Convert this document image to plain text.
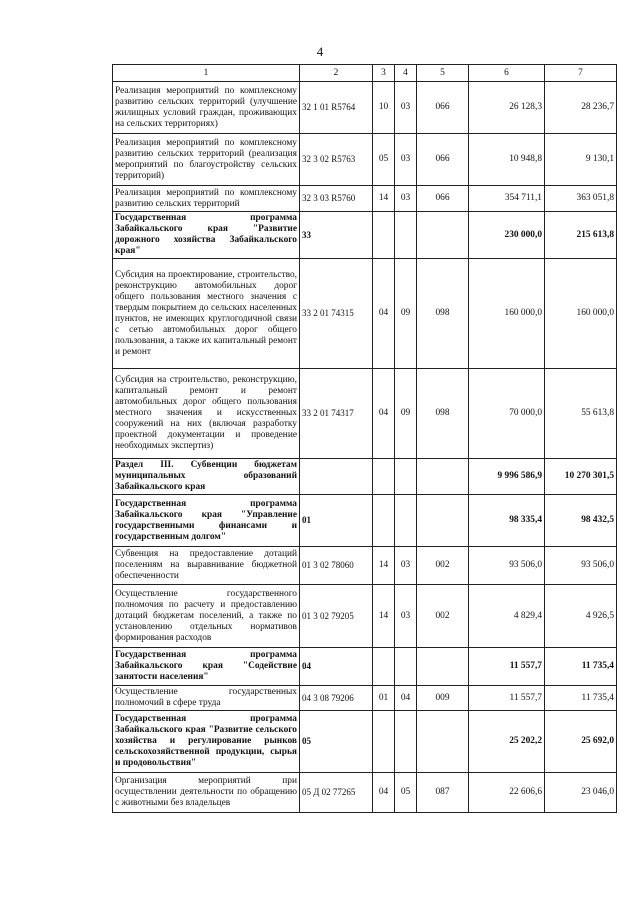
4
1	2	3	4	5	6	7
Реализация мероприятий по комплексному развитию сельских территорий (улучшение жилищных условий граждан, проживающих на сельских территориях)	32 1 01 R5764	10	03	066	26 128,3	28 236,7
Реализация мероприятий по комплексному развитию сельских территорий (реализация мероприятий по благоустройству сельских территорий)	32 3 02 R5763	05	03	066	10 948,8	9 130,1
Реализация мероприятий по комплексному развитию сельских территорий	32 3 03 R5760	14	03	066	354 711,1	363 051,8
Государственная программа Забайкальского края "Развитие дорожного хозяйства Забайкальского края"	33				230 000,0	215 613,8
Субсидия на проектирование, строительство, реконструкцию автомобильных дорог общего пользования местного значения с твердым покрытием до сельских населенных пунктов, не имеющих круглогодичной связи с сетью автомобильных дорог общего пользования, а также их капитальный ремонт и ремонт	33 2 01 74315	04	09	098	160 000,0	160 000,0
Субсидия на строительство, реконструкцию, капитальный ремонт и ремонт автомобильных дорог общего пользования местного значения и искусственных сооружений на них (включая разработку проектной документации и проведение необходимых экспертиз)	33 2 01 74317	04	09	098	70 000,0	55 613,8
Раздел III. Субвенции бюджетам муниципальных образований Забайкальского края					9 996 586,9	10 270 301,5
Государственная программа Забайкальского края "Управление государственными финансами и государственным долгом"	01				98 335,4	98 432,5
Субвенция на предоставление дотаций поселениям на выравнивание бюджетной обеспеченности	01 3 02 78060	14	03	002	93 506,0	93 506,0
Осуществление государственного полномочия по расчету и предоставлению дотаций бюджетам поселений, а также по установлению отдельных нормативов формирования расходов	01 3 02 79205	14	03	002	4 829,4	4 926,5
Государственная программа Забайкальского края "Содействие занятости населения"	04				11 557,7	11 735,4
Осуществление государственных полномочий в сфере труда	04 3 08 79206	01	04	009	11 557,7	11 735,4
Государственная программа Забайкальского края "Развитие сельского хозяйства и регулирование рынков сельскохозяйственной продукции, сырья и продовольствия"	05				25 202,2	25 692,0
Организация мероприятий при осуществлении деятельности по обращению с животными без владельцев	05 Д 02 77265	04	05	087	22 606,6	23 046,0
